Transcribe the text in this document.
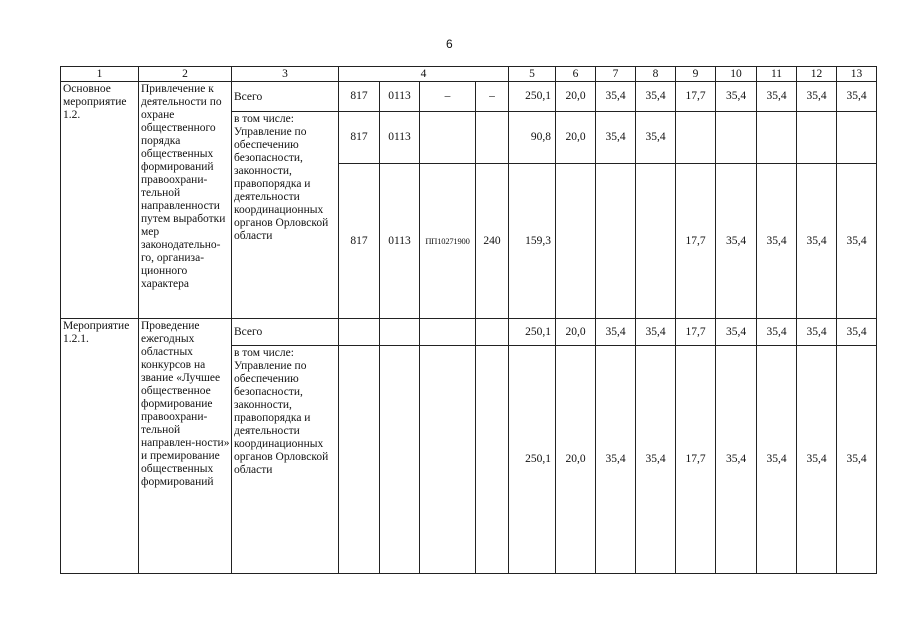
6
1	2	3	4				5	6	7	8	9	10	11	12	13
Основное мероприятие 1.2.	Привлечение к деятельности по охране общественного порядка общественных формирований правоохрани-тельной направленности путем выработки мер законодательно-го, организа-ционного характера	Всего	817	0113	–	–	250,1	20,0	35,4	35,4	17,7	35,4	35,4	35,4	35,4
		в том числе: Управление по обеспечению безопасности, законности, правопорядка и деятельности координационных органов Орловской области	817	0113			90,8	20,0	35,4	35,4					
			817	0113	ПП10271900	240	159,3				17,7	35,4	35,4	35,4	35,4
Мероприятие 1.2.1.	Проведение ежегодных областных конкурсов на звание «Лучшее общественное формирование правоохрани-тельной направлен-ности» и премирование общественных формирований	Всего					250,1	20,0	35,4	35,4	17,7	35,4	35,4	35,4	35,4
		в том числе: Управление по обеспечению безопасности, законности, правопорядка и деятельности координационных органов Орловской области					250,1	20,0	35,4	35,4	17,7	35,4	35,4	35,4	35,4
